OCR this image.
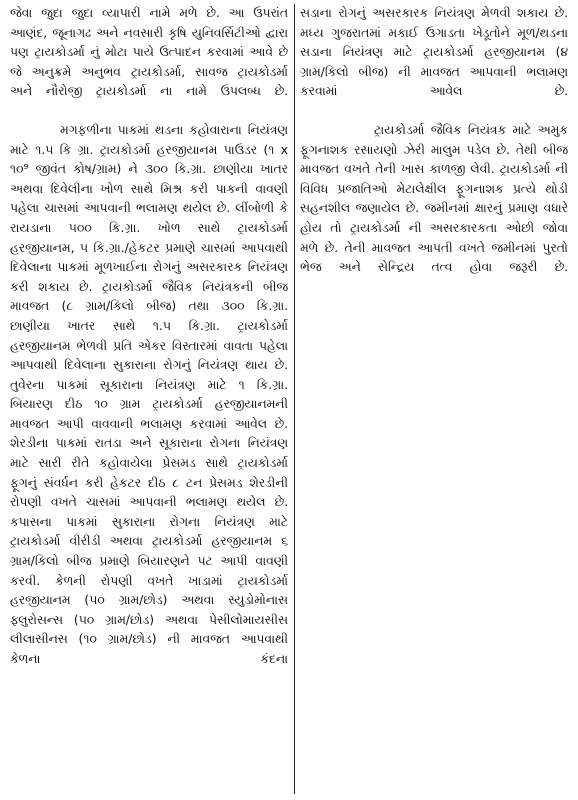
જેવા જુદા જુદા વ્યાપારી નામે મળે છે. આ ઉપરાંત આણંદ, જૂનાગઢ અને નવસારી કૃષિ યુનિવર્સિટીઓ દ્વારા પણ ટ્રાયકોડર્મા નું મોટા પાયે ઉત્પાદન કરવામાં આવે છે જે અનુક્રમે અનુભવ ટ્રાયકોડર્મા, સાવજ ટ્રાયકોડર્મા અને નૌરોજી ટ્રાયકોડર્મા ના નામે ઉપલબ્ધ છે.

મગફળીના પાકમાં થડના કહોવારાના નિયંત્રણ માટે ૧.૫ કિ ગ્રા. ટ્રાયકોડર્મા હરજીયાનમ પાઉડર (૧ x ૧૦⁹ જીવંત કોષ/ગ્રામ) ને ૩૦૦ કિ.ગ્રા. છાણીયા ખાતર અથવા દિવેલીના ખોળ સાથે મિશ્ર કરી પાકની વાવણી પહેલા ચાસમાં આપવાની ભલામણ થયેલ છે. લીંબોળી કે રાયડાના ૫૦૦ કિ.ગ્રા. ખોળ સાથે ટ્રાયકોડર્મા હરજીયાનમ, ૫ કિ.ગ્રા./હેકટર પ્રમાણે ચાસમાં આપવાથી દિવેલાના પાકમાં મૂળખાઈના રોગનું અસરકારક નિયંત્રણ કરી શકાય છે. ટ્રાયકોડર્મા જૈવિક નિયંત્રકની બીજ માવજત (૮ ગ્રામ/કિલો બીજ) તથા ૩૦૦ કિ.ગ્રા. છાણીયા ખાતર સાથે ૧.૫ કિ.ગ્રા. ટ્રાયકોડર્મા હરજીયાનમ ભેળવી પ્રતિ એકર વિસ્તારમાં વાવતા પહેલા આપવાથી દિવેલાના સુકારાના રોગનું નિયંત્રણ થાય છે. તુવેરના પાકમાં સૂકારાના નિયંત્રણ માટે ૧ કિ.ગ્રા. બિયારણ દીઠ ૧૦ ગ્રામ ટ્રાયકોડર્મા હરજીયાનમની માવજત આપી વાવવાની ભલામણ કરવામાં આવેલ છે. શેરડીના પાકમાં રાતડા અને સૂકારાના રોગના નિયંત્રણ માટે સારી રીતે કહોવાયેલા પ્રેસમડ સાથે ટ્રાયકોડર્મા ફૂગનું સંવર્ધન કરી હેકટર દીઠ ૮ ટન પ્રેસમડ શેરડીની રોપણી વખતે ચાસમાં આપવાની ભલામણ થયેલ છે. કપાસના પાકમાં સુકારાના રોગના નિયંત્રણ માટે ટ્રાયકોડર્મા વીરીડી અથવા ટ્રાયકોડર્મા હરજીયાનમ ૬ ગ્રામ/કિલો બીજ પ્રમાણે બિયારણને પટ આપી વાવણી કરવી. કેળની રોપણી વખતે ખાડામાં ટ્રાયકોડર્મા હરજીયાનમ (૫૦ ગ્રામ/છોડ) અથવા સ્યુડોમોનાસ ફ્લુરોસન્સ (૫૦ ગ્રામ/છોડ) અથવા પેસીલોમાયસીસ લીલાસીનસ (૧૦ ગ્રામ/છોડ) ની માવજત આપવાથી કેળના કંદના

સડાના રોગનું અસરકારક નિયંત્રણ મેળવી શકાય છે. મધ્ય ગુજરાતમાં મકાઈ ઉગાડતા ખેડૂતોને મૂળ/થડના સડાના નિયંત્રણ માટે ટ્રાયકોડર્મા હરજીયાનમ (૪ ગ્રામ/કિલો બીજ) ની માવજત આપવાની ભલામણ કરવામાં આવેલ છે.

ટ્રાયકોડર્મા જૈવિક નિયંત્રક માટે અમુક ફૂગનાશક રસાયણો ઝેરી માલુમ પડેલ છે. તેથી બીજ માવજત વખતે તેની ખાસ કાળજી લેવી. ટ્રાયકોડર્મા ની વિવિધ પ્રજાતિઓ મેટાલેક્ષીલ ફૂગનાશક પ્રત્યે થોડી સહનશીલ જણાયેલ છે. જમીનમાં ક્ષારનું પ્રમાણ વધારે હોય તો ટ્રાયકોડર્મા ની અસરકારકતા ઓછી જોવા મળે છે. તેની માવજત આપતી વખતે જમીનમાં પુરતો ભેજ અને સેન્દ્રિય તત્વ હોવા જરૂરી છે.
